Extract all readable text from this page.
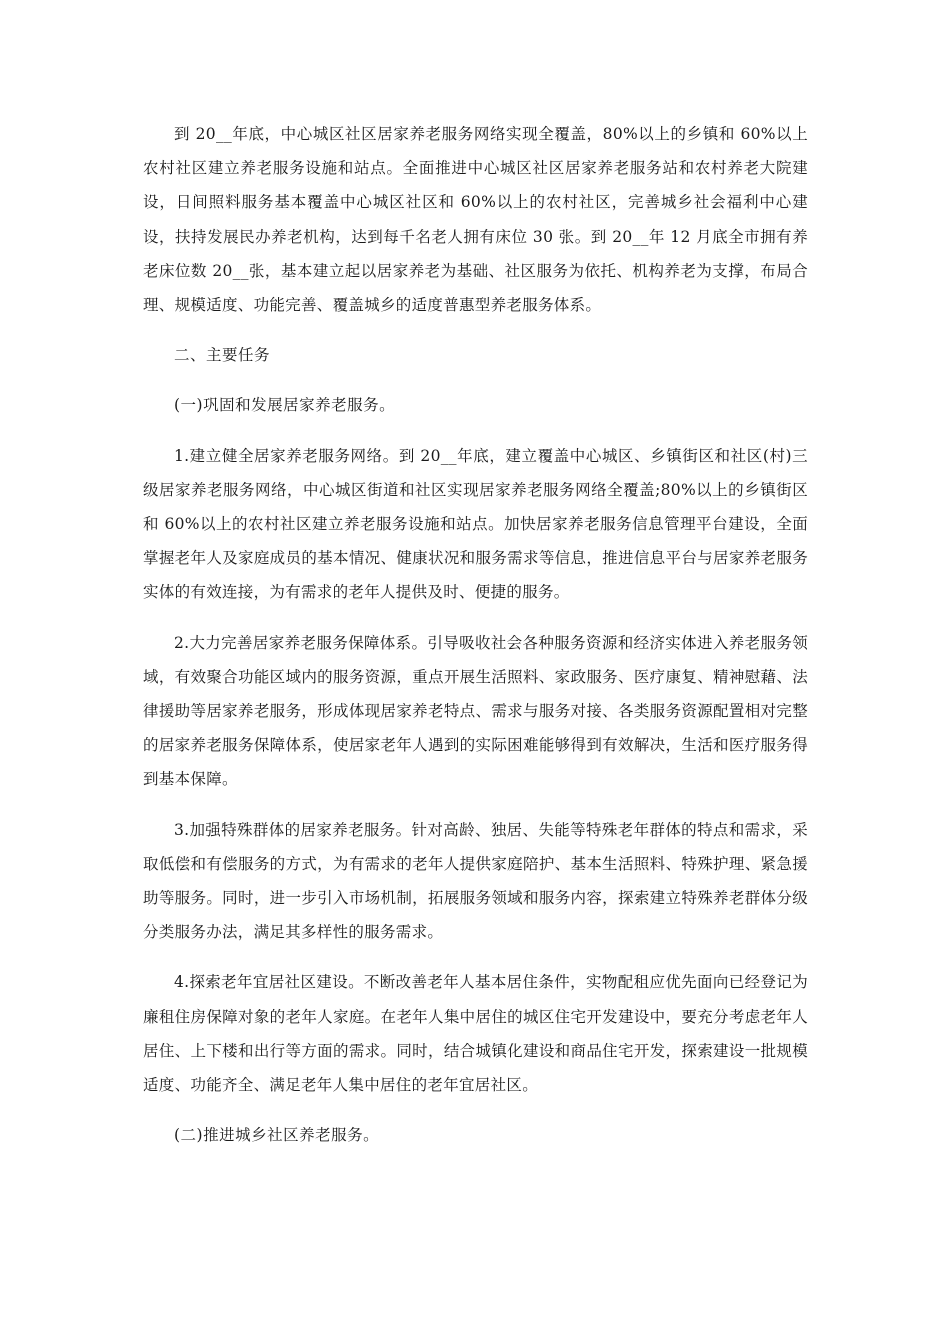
到 20__年底，中心城区社区居家养老服务网络实现全覆盖，80%以上的乡镇和 60%以上农村社区建立养老服务设施和站点。全面推进中心城区社区居家养老服务站和农村养老大院建设，日间照料服务基本覆盖中心城区社区和 60%以上的农村社区，完善城乡社会福利中心建设，扶持发展民办养老机构，达到每千名老人拥有床位 30 张。到 20__年 12 月底全市拥有养老床位数 20__张，基本建立起以居家养老为基础、社区服务为依托、机构养老为支撑，布局合理、规模适度、功能完善、覆盖城乡的适度普惠型养老服务体系。

二、主要任务

(一)巩固和发展居家养老服务。

1.建立健全居家养老服务网络。到 20__年底，建立覆盖中心城区、乡镇街区和社区(村)三级居家养老服务网络，中心城区街道和社区实现居家养老服务网络全覆盖;80%以上的乡镇街区和 60%以上的农村社区建立养老服务设施和站点。加快居家养老服务信息管理平台建设，全面掌握老年人及家庭成员的基本情况、健康状况和服务需求等信息，推进信息平台与居家养老服务实体的有效连接，为有需求的老年人提供及时、便捷的服务。

2.大力完善居家养老服务保障体系。引导吸收社会各种服务资源和经济实体进入养老服务领域，有效聚合功能区域内的服务资源，重点开展生活照料、家政服务、医疗康复、精神慰藉、法律援助等居家养老服务，形成体现居家养老特点、需求与服务对接、各类服务资源配置相对完整的居家养老服务保障体系，使居家老年人遇到的实际困难能够得到有效解决，生活和医疗服务得到基本保障。

3.加强特殊群体的居家养老服务。针对高龄、独居、失能等特殊老年群体的特点和需求，采取低偿和有偿服务的方式，为有需求的老年人提供家庭陪护、基本生活照料、特殊护理、紧急援助等服务。同时，进一步引入市场机制，拓展服务领域和服务内容，探索建立特殊养老群体分级分类服务办法，满足其多样性的服务需求。

4.探索老年宜居社区建设。不断改善老年人基本居住条件，实物配租应优先面向已经登记为廉租住房保障对象的老年人家庭。在老年人集中居住的城区住宅开发建设中，要充分考虑老年人居住、上下楼和出行等方面的需求。同时，结合城镇化建设和商品住宅开发，探索建设一批规模适度、功能齐全、满足老年人集中居住的老年宜居社区。

(二)推进城乡社区养老服务。
